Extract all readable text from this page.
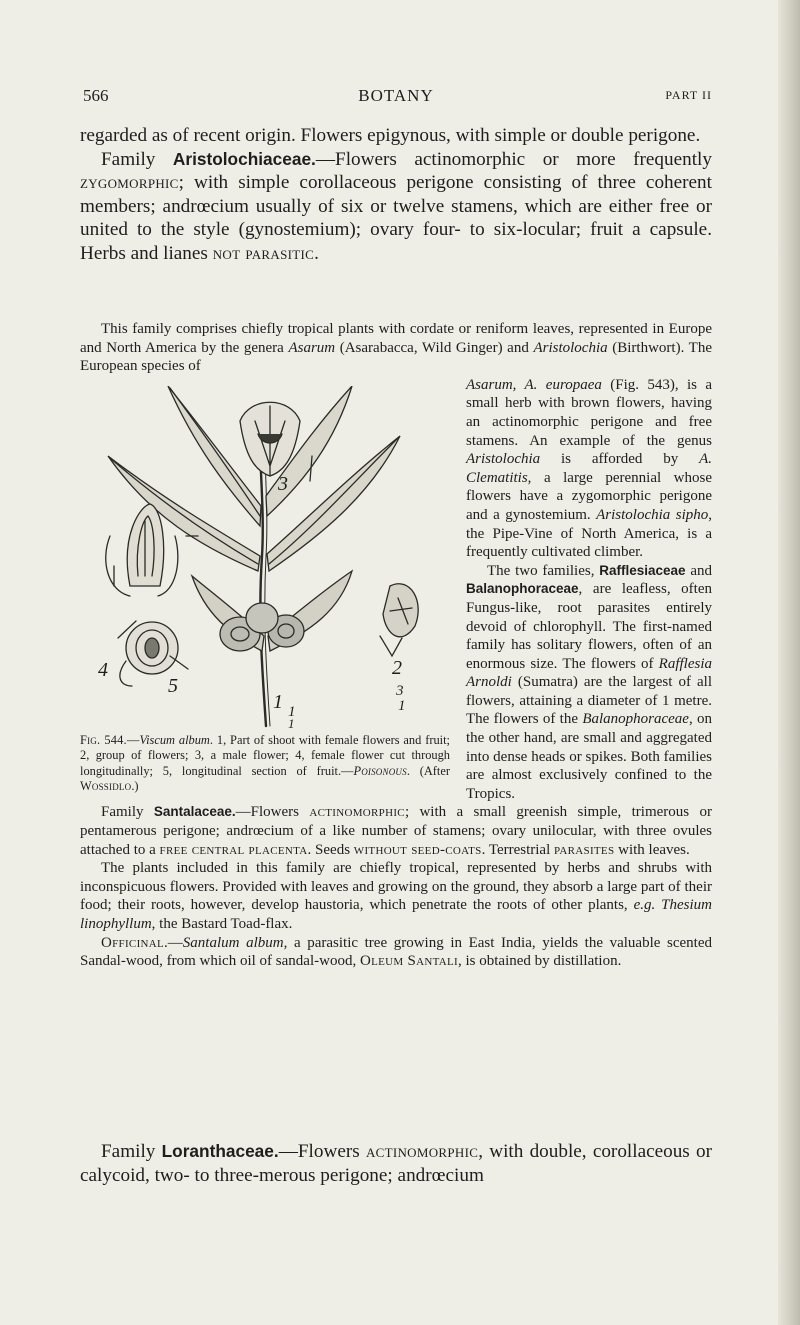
566	BOTANY	PART II

regarded as of recent origin. Flowers epigynous, with simple or double perigone.

Family Aristolochiaceae.—Flowers actinomorphic or more frequently zygomorphic; with simple corollaceous perigone consisting of three coherent members; andrœcium usually of six or twelve stamens, which are either free or united to the style (gynostemium); ovary four- to six-locular; fruit a capsule. Herbs and lianes not parasitic.

This family comprises chiefly tropical plants with cordate or reniform leaves, represented in Europe and North America by the genera Asarum (Asarabacca, Wild Ginger) and Aristolochia (Birthwort). The European species of

3
4
5
2
1	3
1
1
1

Fig. 544.—Viscum album. 1, Part of shoot with female flowers and fruit; 2, group of flowers; 3, a male flower; 4, female flower cut through longitudinally; 5, longitudinal section of fruit.—Poisonous. (After Wossidlo.)

Asarum, A. europaea (Fig. 543), is a small herb with brown flowers, having an actinomorphic perigone and free stamens. An example of the genus Aristolochia is afforded by A. Clematitis, a large perennial whose flowers have a zygomorphic perigone and a gynostemium. Aristolochia sipho, the Pipe-Vine of North America, is a frequently cultivated climber.

The two families, Rafflesiaceae and Balanophoraceae, are leafless, often Fungus-like, root parasites entirely devoid of chlorophyll. The first-named family has solitary flowers, often of an enormous size. The flowers of Rafflesia Arnoldi (Sumatra) are the largest of all flowers, attaining a diameter of 1 metre. The flowers of the Balanophoraceae, on the other hand, are small and aggregated into dense heads or spikes. Both families are almost exclusively confined to the Tropics.

Family Santalaceae.—Flowers actinomorphic; with a small greenish simple, trimerous or pentamerous perigone; andrœcium of a like number of stamens; ovary unilocular, with three ovules attached to a free central placenta. Seeds without seed-coats. Terrestrial parasites with leaves.

The plants included in this family are chiefly tropical, represented by herbs and shrubs with inconspicuous flowers. Provided with leaves and growing on the ground, they absorb a large part of their food; their roots, however, develop haustoria, which penetrate the roots of other plants, e.g. Thesium linophyllum, the Bastard Toad-flax.

Officinal.—Santalum album, a parasitic tree growing in East India, yields the valuable scented Sandal-wood, from which oil of sandal-wood, Oleum Santali, is obtained by distillation.

Family Loranthaceae.—Flowers actinomorphic, with double, corollaceous or calycoid, two- to three-merous perigone; andrœcium
